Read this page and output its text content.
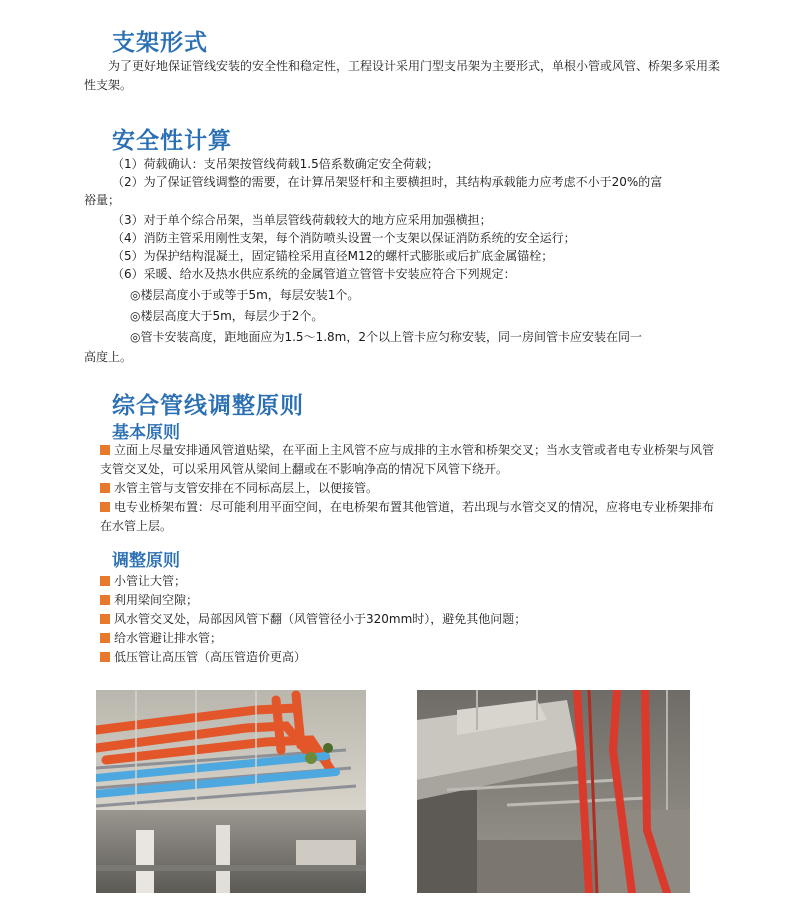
支架形式

为了更好地保证管线安装的安全性和稳定性，工程设计采用门型支吊架为主要形式，单根小管或风管、桥架多采用柔性支架。

安全性计算

（1）荷载确认：支吊架按管线荷载1.5倍系数确定安全荷载；

（2）为了保证管线调整的需要，在计算吊架竖杆和主要横担时，其结构承载能力应考虑不小于20%的富

裕量；

（3）对于单个综合吊架，当单层管线荷载较大的地方应采用加强横担；

（4）消防主管采用刚性支架，每个消防喷头设置一个支架以保证消防系统的安全运行；

（5）为保护结构混凝土，固定锚栓采用直径M12的螺杆式膨胀或后扩底金属锚栓；

（6）采暖、给水及热水供应系统的金属管道立管管卡安装应符合下列规定：

◎楼层高度小于或等于5m，每层安装1个。

◎楼层高度大于5m，每层少于2个。

◎管卡安装高度，距地面应为1.5～1.8m，2个以上管卡应匀称安装，同一房间管卡应安装在同一

高度上。

综合管线调整原则
基本原则

立面上尽量安排通风管道贴梁，在平面上主风管不应与成排的主水管和桥架交叉；当水支管或者电专业桥架与风管支管交叉处，可以采用风管从梁间上翻或在不影响净高的情况下风管下绕开。

水管主管与支管安排在不同标高层上，以便接管。

电专业桥架布置：尽可能利用平面空间，在电桥架布置其他管道，若出现与水管交叉的情况，应将电专业桥架排布在水管上层。

调整原则

小管让大管；

利用梁间空隙；

风水管交叉处，局部因风管下翻（风管管径小于320mm时），避免其他问题；

给水管避让排水管；

低压管让高压管（高压管造价更高）
